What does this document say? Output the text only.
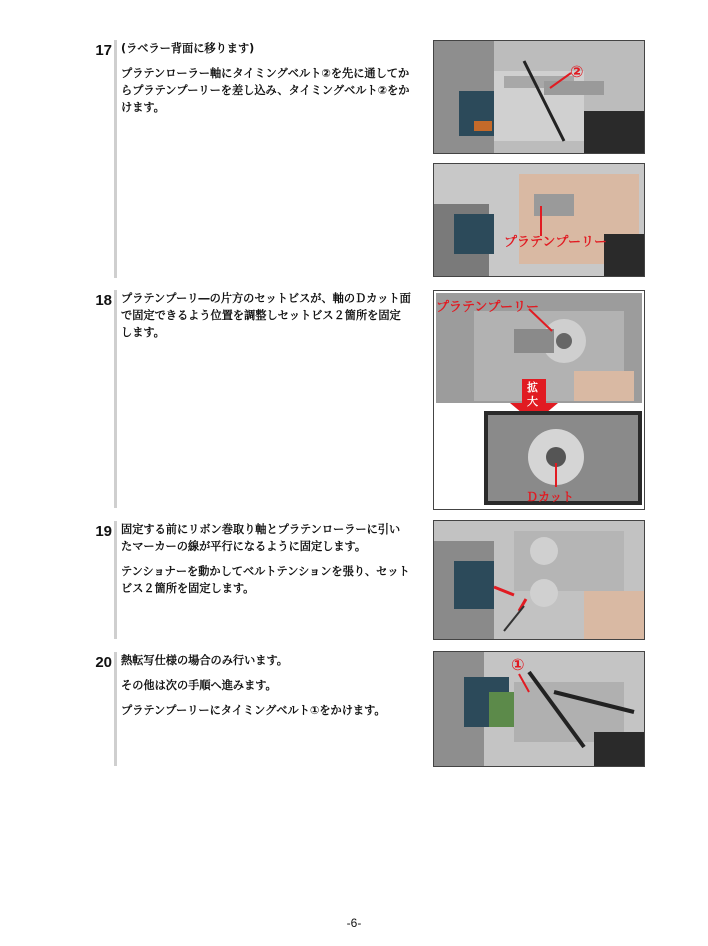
17 (ラベラー背面に移ります)

プラテンローラー軸にタイミングベルト②を先に通してからプラテンプーリーを差し込み、タイミングベルト②をかけます。

②
プラテンプーリー
18 プラテンプーリ―の片方のセットビスが、軸のＤカット面で固定できるよう位置を調整しセットビス２箇所を固定します。

プラテンプーリー
拡
大
Ｄカット
19 固定する前にリボン巻取り軸とプラテンローラーに引いたマーカーの線が平行になるように固定します。

テンショナーを動かしてベルトテンションを張り、セットビス２箇所を固定します。

20 熱転写仕様の場合のみ行います。

その他は次の手順へ進みます。

プラテンプーリーにタイミングベルト①をかけます。

①
-6-
